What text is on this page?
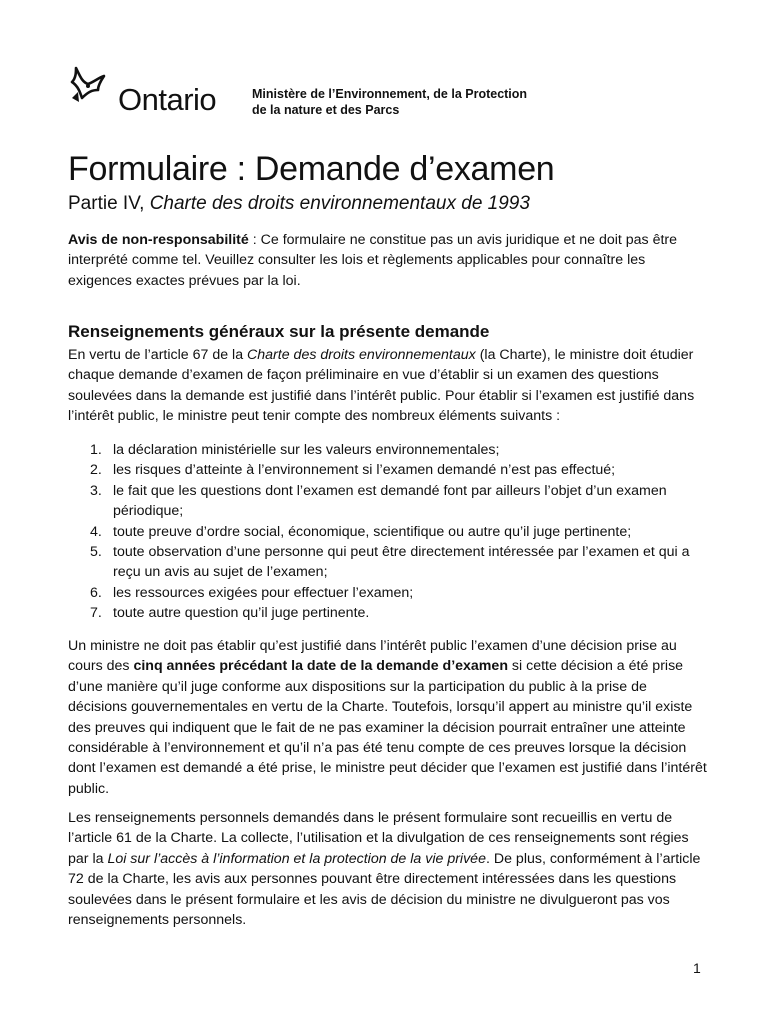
Ontario	Ministère de l’Environnement, de la Protection
de la nature et des Parcs
Formulaire : Demande d’examen
Partie IV, Charte des droits environnementaux de 1993
Avis de non-responsabilité : Ce formulaire ne constitue pas un avis juridique et ne doit pas être interprété comme tel. Veuillez consulter les lois et règlements applicables pour connaître les exigences exactes prévues par la loi.
Renseignements généraux sur la présente demande
En vertu de l’article 67 de la Charte des droits environnementaux (la Charte), le ministre doit étudier chaque demande d’examen de façon préliminaire en vue d’établir si un examen des questions soulevées dans la demande est justifié dans l’intérêt public. Pour établir si l’examen est justifié dans l’intérêt public, le ministre peut tenir compte des nombreux éléments suivants :
1. la déclaration ministérielle sur les valeurs environnementales;
2. les risques d’atteinte à l’environnement si l’examen demandé n’est pas effectué;
3. le fait que les questions dont l’examen est demandé font par ailleurs l’objet d’un examen périodique;
4. toute preuve d’ordre social, économique, scientifique ou autre qu’il juge pertinente;
5. toute observation d’une personne qui peut être directement intéressée par l’examen et qui a reçu un avis au sujet de l’examen;
6. les ressources exigées pour effectuer l’examen;
7. toute autre question qu’il juge pertinente.
Un ministre ne doit pas établir qu’est justifié dans l’intérêt public l’examen d’une décision prise au cours des cinq années précédant la date de la demande d’examen si cette décision a été prise d’une manière qu’il juge conforme aux dispositions sur la participation du public à la prise de décisions gouvernementales en vertu de la Charte. Toutefois, lorsqu’il appert au ministre qu’il existe des preuves qui indiquent que le fait de ne pas examiner la décision pourrait entraîner une atteinte considérable à l’environnement et qu’il n’a pas été tenu compte de ces preuves lorsque la décision dont l’examen est demandé a été prise, le ministre peut décider que l’examen est justifié dans l’intérêt public.
Les renseignements personnels demandés dans le présent formulaire sont recueillis en vertu de l’article 61 de la Charte. La collecte, l’utilisation et la divulgation de ces renseignements sont régies par la Loi sur l’accès à l’information et la protection de la vie privée. De plus, conformément à l’article 72 de la Charte, les avis aux personnes pouvant être directement intéressées dans les questions soulevées dans le présent formulaire et les avis de décision du ministre ne divulgueront pas vos renseignements personnels.
1
